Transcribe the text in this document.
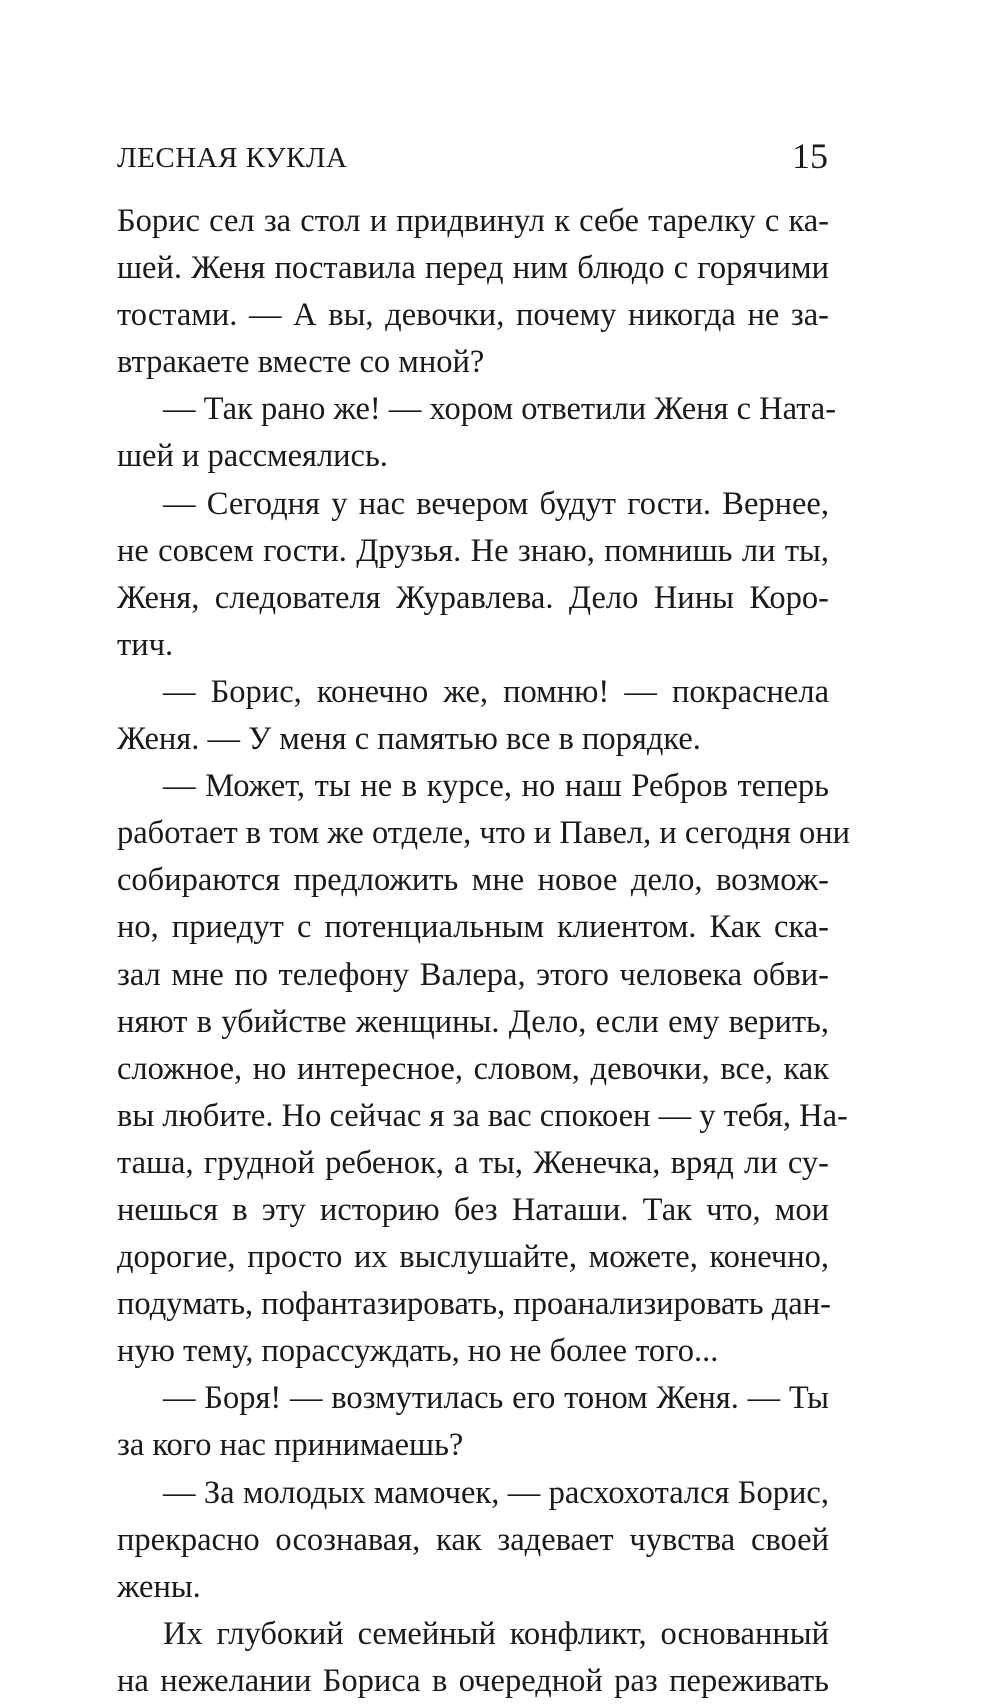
ЛЕСНАЯ КУКЛА	15
Борис сел за стол и придвинул к себе тарелку с ка-
шей. Женя поставила перед ним блюдо с горячими
тостами. — А вы, девочки, почему никогда не за-
втракаете вместе со мной?
— Так рано же! — хором ответили Женя с Ната-
шей и рассмеялись.
— Сегодня у нас вечером будут гости. Вернее,
не совсем гости. Друзья. Не знаю, помнишь ли ты,
Женя, следователя Журавлева. Дело Нины Коро-
тич.
— Борис, конечно же, помню! — покраснела
Женя. — У меня с памятью все в порядке.
— Может, ты не в курсе, но наш Ребров теперь
работает в том же отделе, что и Павел, и сегодня они
собираются предложить мне новое дело, возмож-
но, приедут с потенциальным клиентом. Как ска-
зал мне по телефону Валера, этого человека обви-
няют в убийстве женщины. Дело, если ему верить,
сложное, но интересное, словом, девочки, все, как
вы любите. Но сейчас я за вас спокоен — у тебя, На-
таша, грудной ребенок, а ты, Женечка, вряд ли су-
нешься в эту историю без Наташи. Так что, мои
дорогие, просто их выслушайте, можете, конечно,
подумать, пофантазировать, проанализировать дан-
ную тему, порассуждать, но не более того...
— Боря! — возмутилась его тоном Женя. — Ты
за кого нас принимаешь?
— За молодых мамочек, — расхохотался Борис,
прекрасно осознавая, как задевает чувства своей
жены.
Их глубокий семейный конфликт, основанный
на нежелании Бориса в очередной раз переживать
